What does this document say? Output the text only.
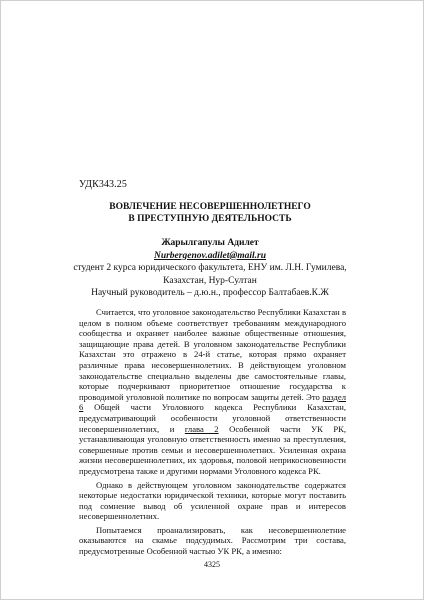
УДК343.25
ВОВЛЕЧЕНИЕ НЕСОВЕРШЕННОЛЕТНЕГО
В ПРЕСТУПНУЮ ДЕЯТЕЛЬНОСТЬ
Жарылгапулы Адилет
Nurbergenov.adilet@mail.ru
студент 2 курса юридического факультета, ЕНУ им. Л.Н. Гумилева,
Казахстан, Нур-Султан
Научный руководитель – д.ю.н., профессор Балтабаев.К.Ж

Считается, что уголовное законодательство Республики Казахстан в целом в полном объеме соответствует требованиям международного сообщества и охраняет наиболее важные общественные отношения, защищающие права детей. В уголовном законодательстве Республики Казахстан это отражено в 24-й статье, которая прямо охраняет различные права несовершеннолетних. В действующем уголовном законодательстве специально выделены две самостоятельные главы, которые подчеркивают приоритетное отношение государства к проводимой уголовной политике по вопросам защиты детей. Это раздел 6 Общей части Уголовного кодекса Республики Казахстан, предусматривающий особенности уголовной ответственности несовершеннолетних, и глава 2 Особенной части УК РК, устанавливающая уголовную ответственность именно за преступления, совершенные против семьи и несовершеннолетних. Усиленная охрана жизни несовершеннолетних, их здоровья, половой неприкосновенности предусмотрена также и другими нормами Уголовного кодекса РК.

Однако в действующем уголовном законодательстве содержатся некоторые недостатки юридической техники, которые могут поставить под сомнение вывод об усиленной охране прав и интересов несовершеннолетних.

Попытаемся проанализировать, как несовершеннолетние оказываются на скамье подсудимых. Рассмотрим три состава, предусмотренные Особенной частью УК РК, а именно:

4325
